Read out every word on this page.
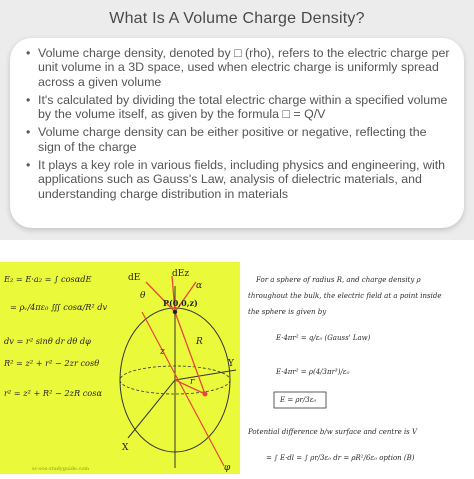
What Is A Volume Charge Density?
• Volume charge density, denoted by □ (rho), refers to the electric charge per unit volume in a 3D space, used when electric charge is uniformly spread across a given volume
• It's calculated by dividing the total electric charge within a specified volume by the volume itself, as given by the formula □ = Q/V
• Volume charge density can be either positive or negative, reflecting the sign of the charge
• It plays a key role in various fields, including physics and engineering, with applications such as Gauss's Law, analysis of dielectric materials, and understanding charge distribution in materials
E₂ = E·a₂ = ∫ cosαdE
= ρᵥ/4πε₀ ∭ cosα/R² dv
dv = r² sinθ dr dθ dφ
R² = z² + r² − 2zr cosθ
r² = z² + R² − 2zR cosα
dE	dEz
α
θ
P(0,0,z)
R
r
Y
X
φ
z
sc-sos-studyguide.com
For a sphere of radius R, and charge density ρ
throughout the bulk, the electric field at a point inside
the sphere is given by
E·4πr² = q/ε₀ (Gauss' Law)
E·4πr² = ρ(4/3πr³)/ε₀
E = ρr/3ε₀
Potential difference b/w surface and centre is V
= ∫ E·dl = ∫ ρr/3ε₀ dr = ρR²/6ε₀ option (B)
